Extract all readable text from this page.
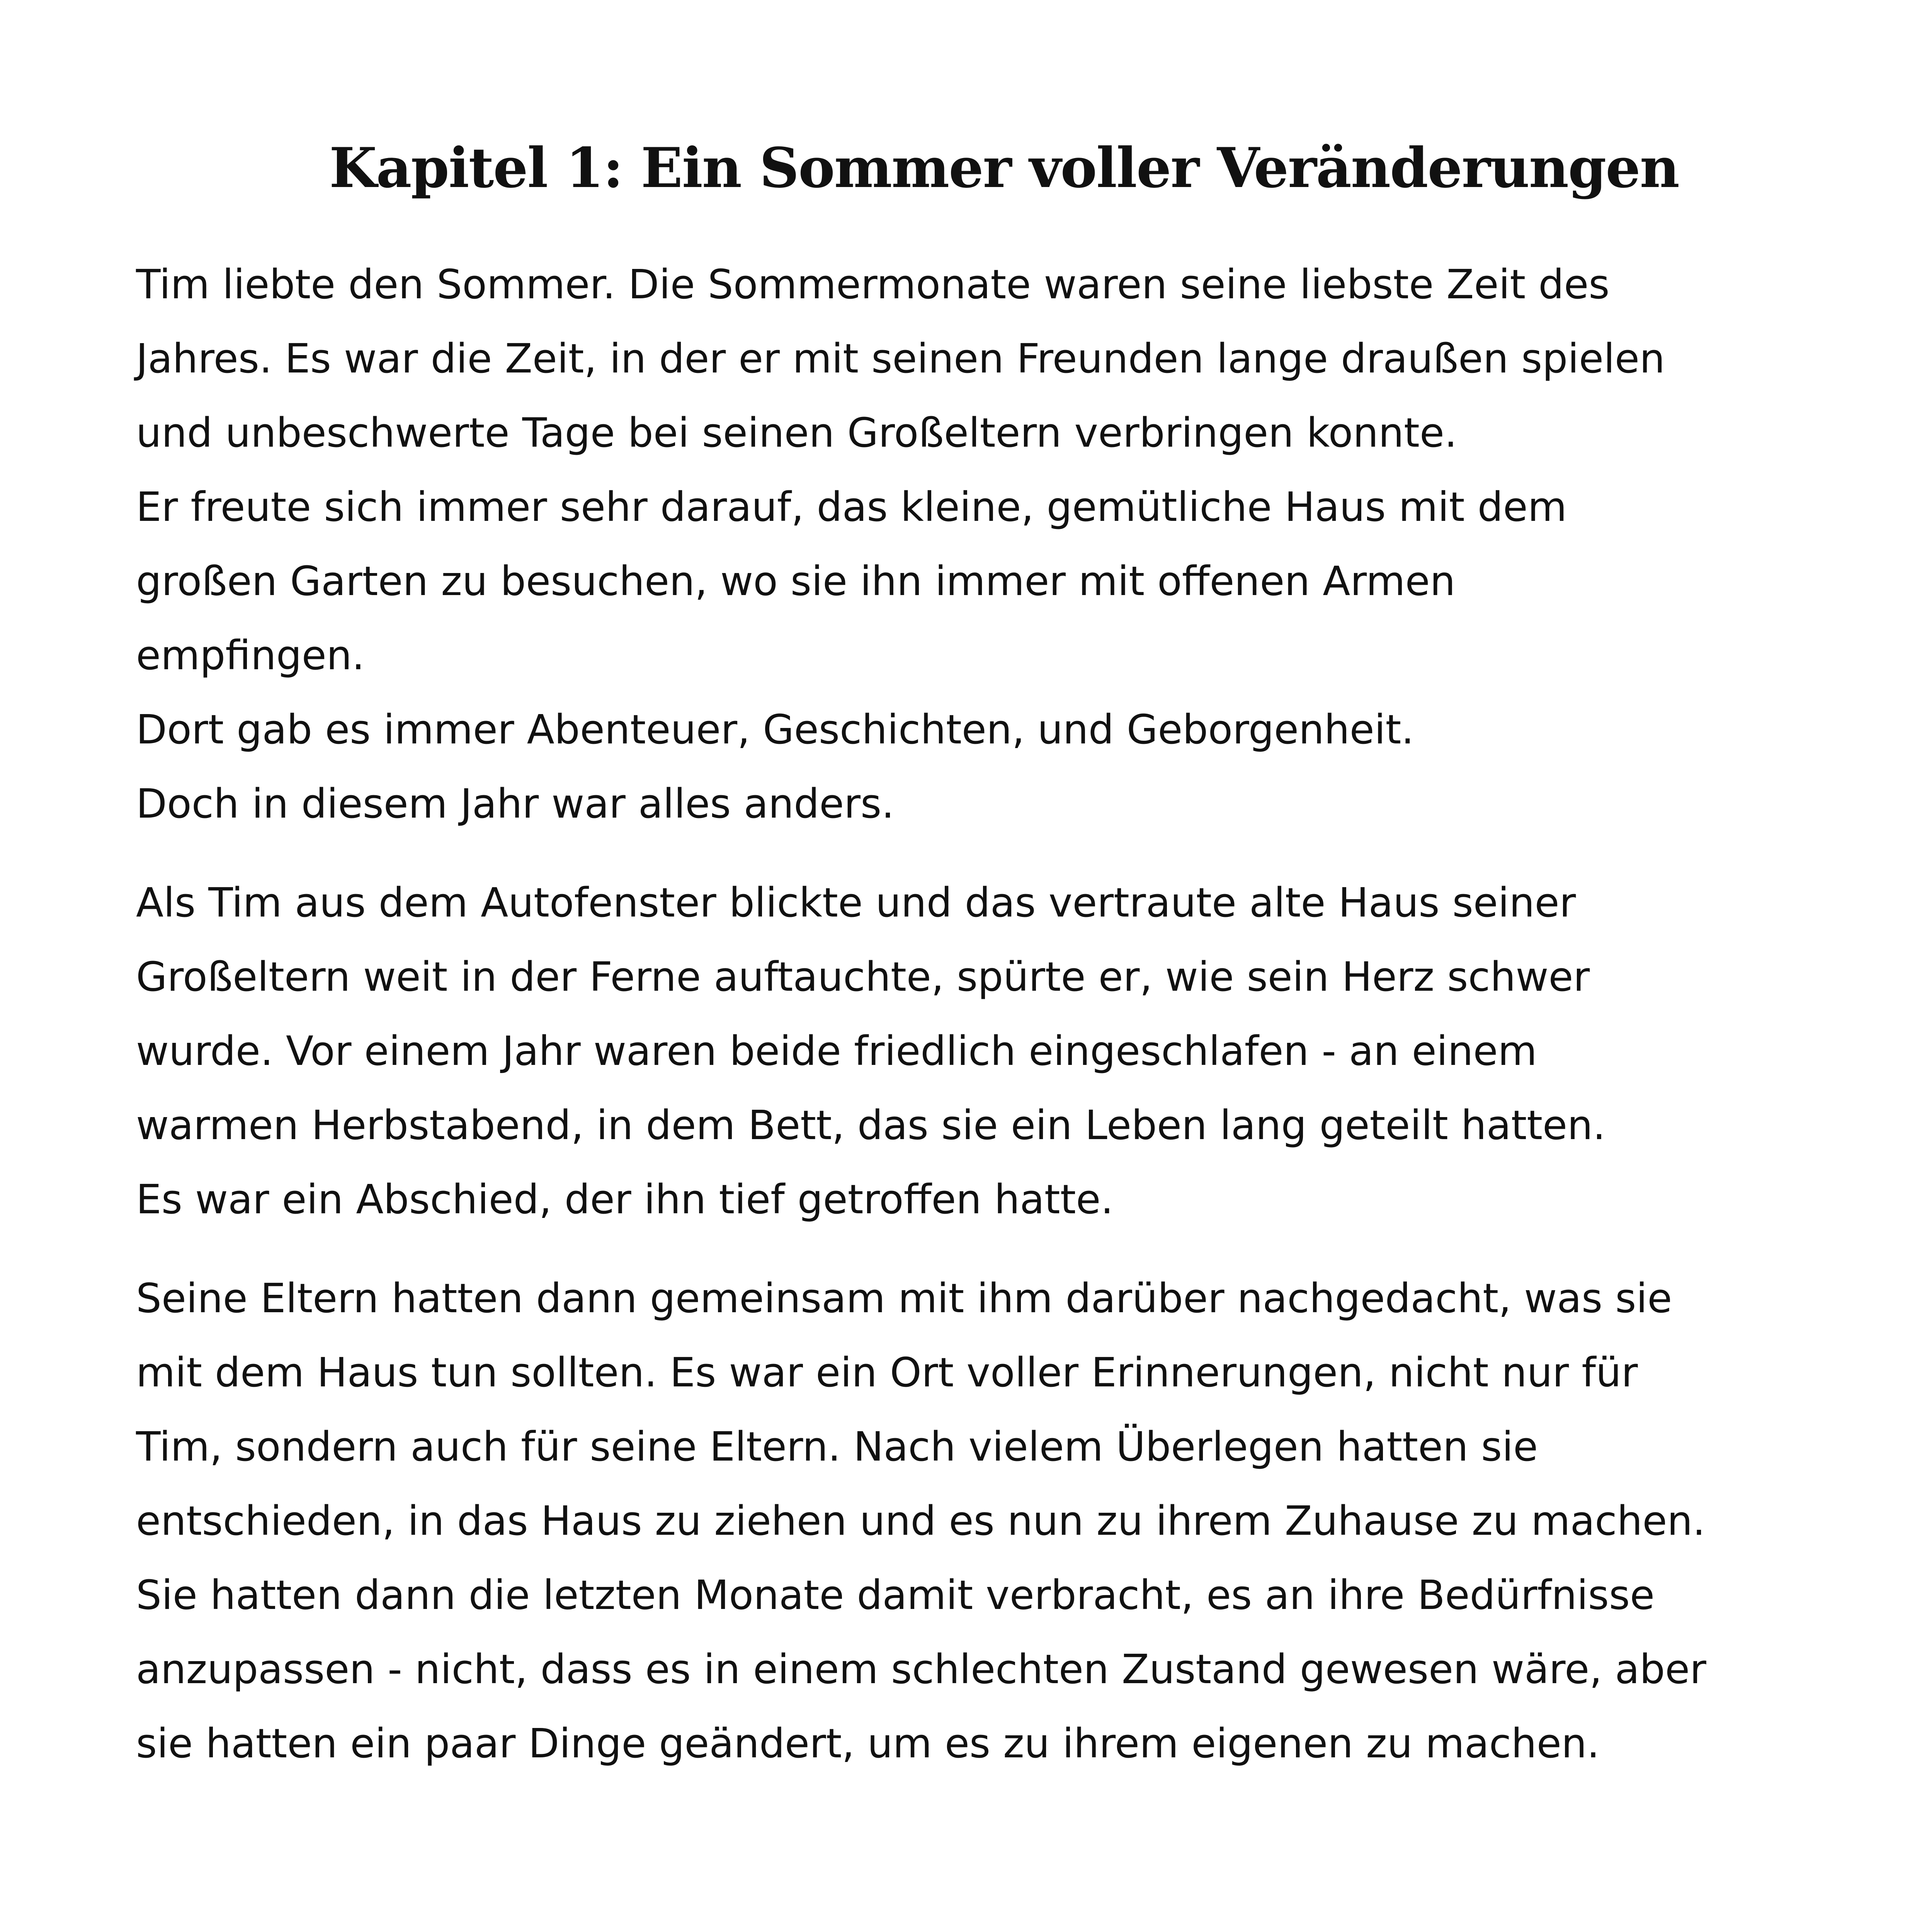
Kapitel 1: Ein Sommer voller Veränderungen

Tim liebte den Sommer. Die Sommermonate waren seine liebste Zeit des
Jahres. Es war die Zeit, in der er mit seinen Freunden lange draußen spielen
und unbeschwerte Tage bei seinen Großeltern verbringen konnte.
Er freute sich immer sehr darauf, das kleine, gemütliche Haus mit dem
großen Garten zu besuchen, wo sie ihn immer mit offenen Armen
empfingen.
Dort gab es immer Abenteuer, Geschichten, und Geborgenheit.
Doch in diesem Jahr war alles anders.

Als Tim aus dem Autofenster blickte und das vertraute alte Haus seiner
Großeltern weit in der Ferne auftauchte, spürte er, wie sein Herz schwer
wurde. Vor einem Jahr waren beide friedlich eingeschlafen - an einem
warmen Herbstabend, in dem Bett, das sie ein Leben lang geteilt hatten.
Es war ein Abschied, der ihn tief getroffen hatte.

Seine Eltern hatten dann gemeinsam mit ihm darüber nachgedacht, was sie
mit dem Haus tun sollten. Es war ein Ort voller Erinnerungen, nicht nur für
Tim, sondern auch für seine Eltern. Nach vielem Überlegen hatten sie
entschieden, in das Haus zu ziehen und es nun zu ihrem Zuhause zu machen.
Sie hatten dann die letzten Monate damit verbracht, es an ihre Bedürfnisse
anzupassen - nicht, dass es in einem schlechten Zustand gewesen wäre, aber
sie hatten ein paar Dinge geändert, um es zu ihrem eigenen zu machen.
